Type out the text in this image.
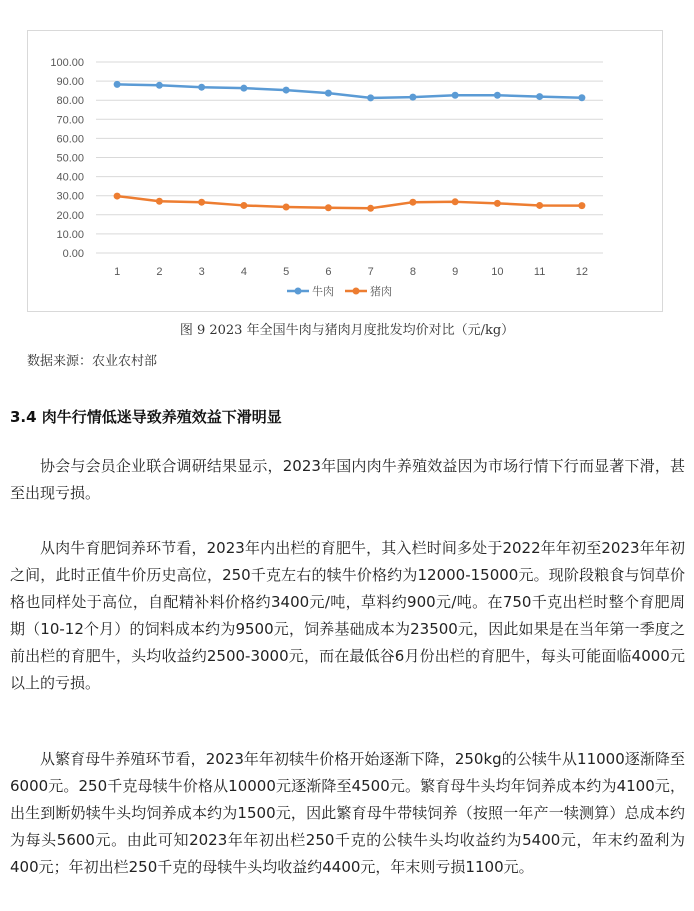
100.00
90.00
80.00
70.00
60.00
50.00
40.00
30.00
20.00
10.00
0.00
1	2	3	4	5	6	7	8	9	10	11	12
牛肉	猪肉
图 9 2023 年全国牛肉与猪肉月度批发均价对比（元/kg）
数据来源：农业农村部
3.4 肉牛行情低迷导致养殖效益下滑明显

协会与会员企业联合调研结果显示，2023年国内肉牛养殖效益因为市场行情下行而显著下滑，甚至出现亏损。

从肉牛育肥饲养环节看，2023年内出栏的育肥牛，其入栏时间多处于2022年年初至2023年年初之间，此时正值牛价历史高位，250千克左右的犊牛价格约为12000-15000元。现阶段粮食与饲草价格也同样处于高位，自配精补料价格约3400元/吨，草料约900元/吨。在750千克出栏时整个育肥周期（10-12个月）的饲料成本约为9500元，饲养基础成本为23500元，因此如果是在当年第一季度之前出栏的育肥牛，头均收益约2500-3000元，而在最低谷6月份出栏的育肥牛，每头可能面临4000元以上的亏损。

从繁育母牛养殖环节看，2023年年初犊牛价格开始逐渐下降，250kg的公犊牛从11000逐渐降至6000元。250千克母犊牛价格从10000元逐渐降至4500元。繁育母牛头均年饲养成本约为4100元，出生到断奶犊牛头均饲养成本约为1500元，因此繁育母牛带犊饲养（按照一年产一犊测算）总成本约为每头5600元。由此可知2023年年初出栏250千克的公犊牛头均收益约为5400元，年末约盈利为400元；年初出栏250千克的母犊牛头均收益约4400元，年末则亏损1100元。
